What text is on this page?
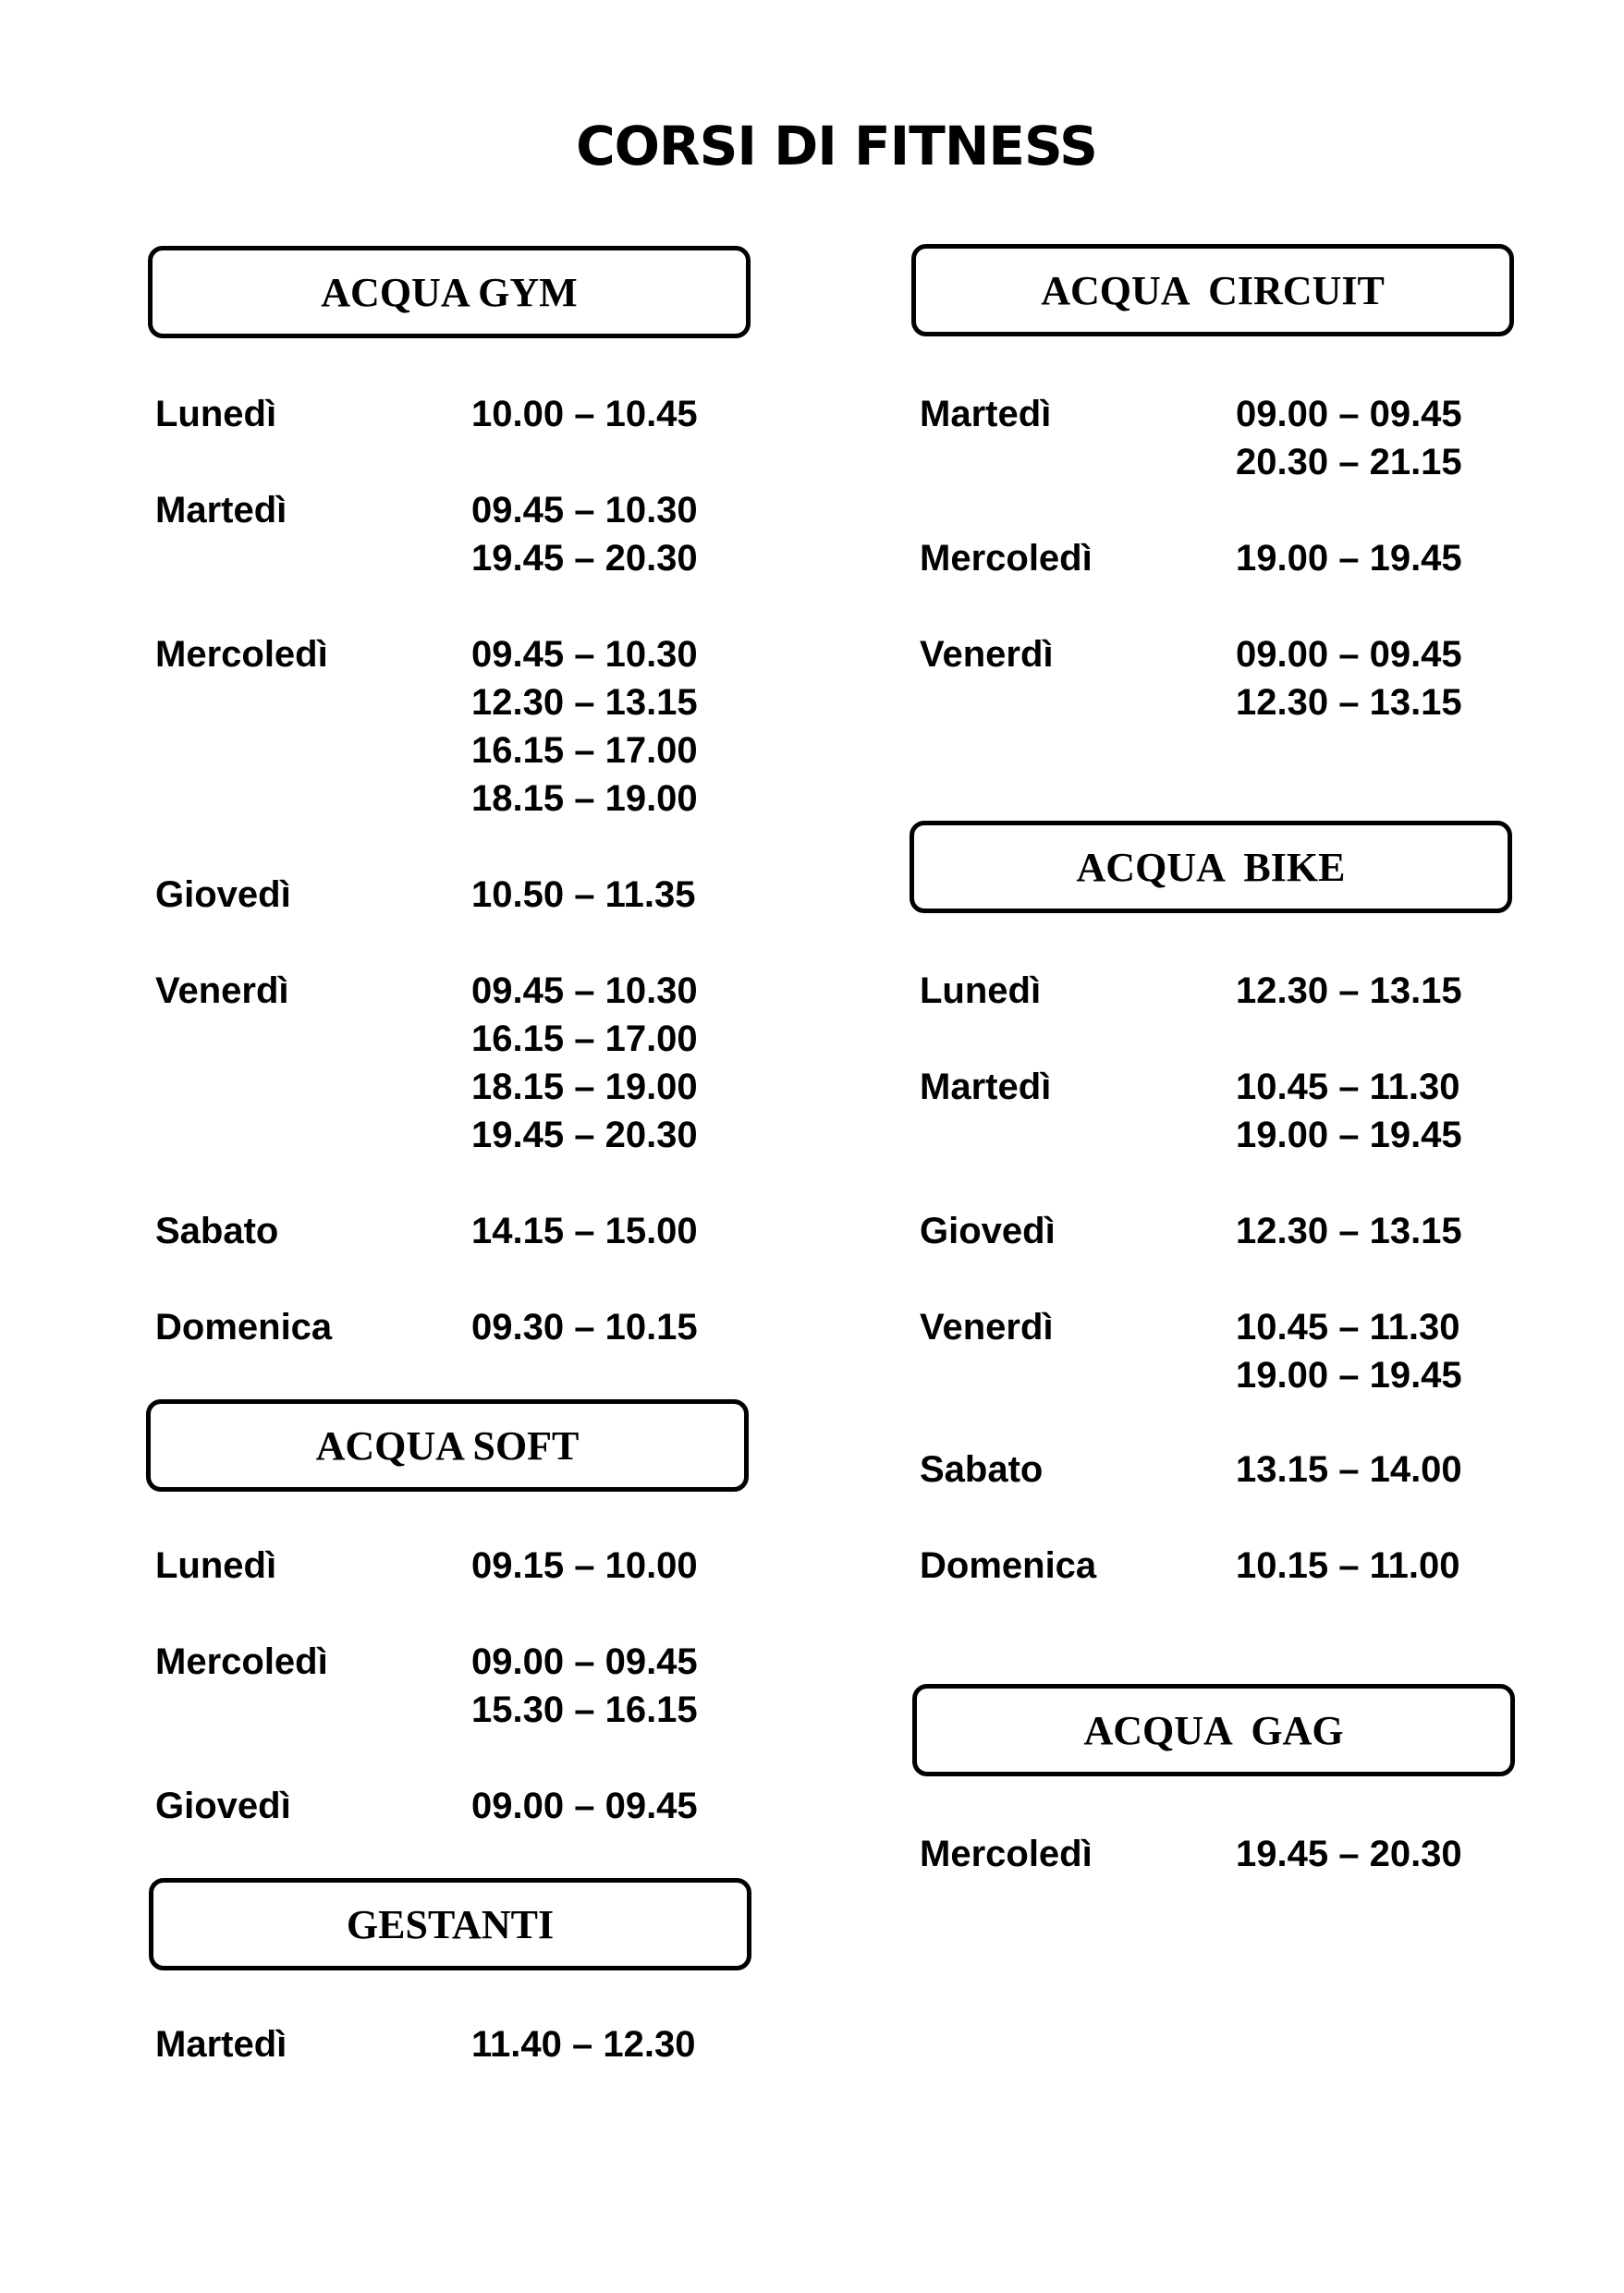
CORSI DI FITNESS
ACQUA GYM
Lunedì	10.00 – 10.45
Martedì	09.45 – 10.30
19.45 – 20.30
Mercoledì	09.45 – 10.30
12.30 – 13.15
16.15 – 17.00
18.15 – 19.00
Giovedì	10.50 – 11.35
Venerdì	09.45 – 10.30
16.15 – 17.00
18.15 – 19.00
19.45 – 20.30
Sabato	14.15 – 15.00
Domenica	09.30 – 10.15
ACQUA SOFT
Lunedì	09.15 – 10.00
Mercoledì	09.00 – 09.45
15.30 – 16.15
Giovedì	09.00 – 09.45
GESTANTI
Martedì	11.40 – 12.30
ACQUA  CIRCUIT
Martedì	09.00 – 09.45
20.30 – 21.15
Mercoledì	19.00 – 19.45
Venerdì	09.00 – 09.45
12.30 – 13.15
ACQUA  BIKE
Lunedì	12.30 – 13.15
Martedì	10.45 – 11.30
19.00 – 19.45
Giovedì	12.30 – 13.15
Venerdì	10.45 – 11.30
19.00 – 19.45
Sabato	13.15 – 14.00
Domenica	10.15 – 11.00
ACQUA  GAG
Mercoledì	19.45 – 20.30
